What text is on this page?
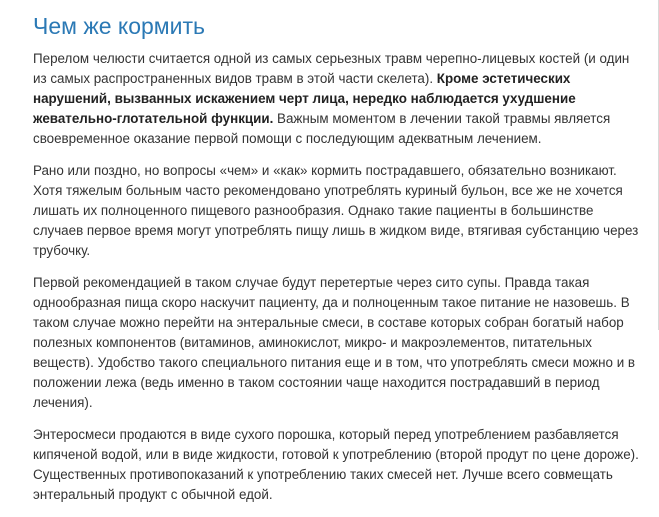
Чем же кормить

Перелом челюсти считается одной из самых серьезных травм черепно-лицевых костей (и один из самых распространенных видов травм в этой части скелета). Кроме эстетических нарушений, вызванных искажением черт лица, нередко наблюдается ухудшение жевательно-глотательной функции. Важным моментом в лечении такой травмы является своевременное оказание первой помощи с последующим адекватным лечением.

Рано или поздно, но вопросы «чем» и «как» кормить пострадавшего, обязательно возникают. Хотя тяжелым больным часто рекомендовано употреблять куриный бульон, все же не хочется лишать их полноценного пищевого разнообразия. Однако такие пациенты в большинстве случаев первое время могут употреблять пищу лишь в жидком виде, втягивая субстанцию через трубочку.

Первой рекомендацией в таком случае будут перетертые через сито супы. Правда такая однообразная пища скоро наскучит пациенту, да и полноценным такое питание не назовешь. В таком случае можно перейти на энтеральные смеси, в составе которых собран богатый набор полезных компонентов (витаминов, аминокислот, микро- и макроэлементов, питательных веществ). Удобство такого специального питания еще и в том, что употреблять смеси можно и в положении лежа (ведь именно в таком состоянии чаще находится пострадавший в период лечения).

Энтеросмеси продаются в виде сухого порошка, который перед употреблением разбавляется кипяченой водой, или в виде жидкости, готовой к употреблению (второй продут по цене дороже). Существенных противопоказаний к употреблению таких смесей нет. Лучше всего совмещать энтеральный продукт с обычной едой.
